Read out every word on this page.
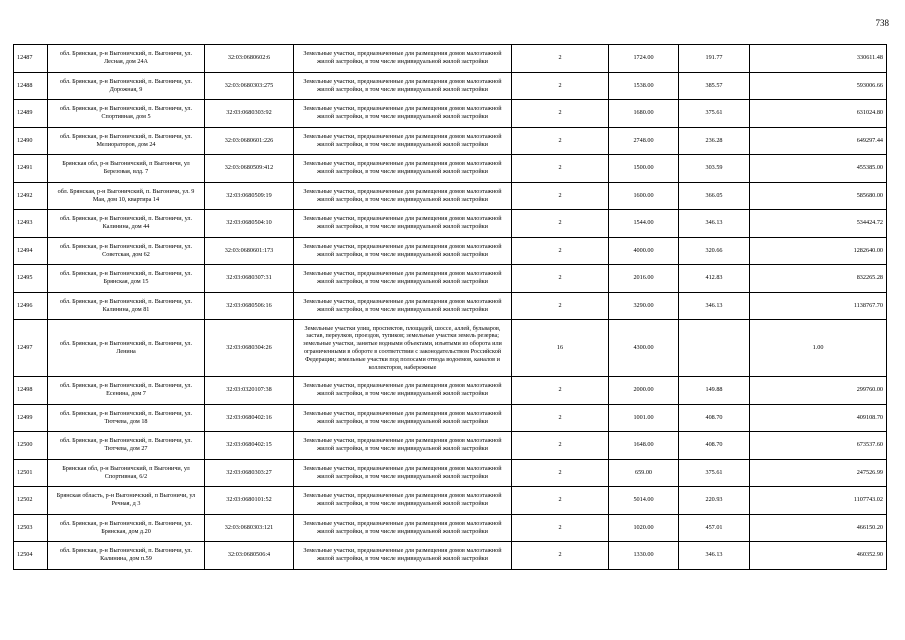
738
12487	обл. Брянская, р-н Выгоничский, п. Выгоничи, ул. Лесная, дом 24А	32:03:0680602:6	Земельные участки, предназначенные для размещения домов малоэтажной жилой застройки, в том числе индивидуальной жилой застройки	2	1724.00	191.77	330611.48
12488	обл. Брянская, р-н Выгоничский, п. Выгоничи, ул. Дорожная, 9	32:03:0680303:275	Земельные участки, предназначенные для размещения домов малоэтажной жилой застройки, в том числе индивидуальной жилой застройки	2	1538.00	385.57	593006.66
12489	обл. Брянская, р-н Выгоничский, п. Выгоничи, ул. Спортивная, дом 5	32:03:0680303:92	Земельные участки, предназначенные для размещения домов малоэтажной жилой застройки, в том числе индивидуальной жилой застройки	2	1680.00	375.61	631024.80
12490	обл. Брянская, р-н Выгоничский, п. Выгоничи, ул. Мелиораторов, дом 24	32:03:0680601:226	Земельные участки, предназначенные для размещения домов малоэтажной жилой застройки, в том числе индивидуальной жилой застройки	2	2748.00	236.28	649297.44
12491	Брянская обл, р-н Выгоничский, п Выгоничи, ул Березовая, влд. 7	32:03:0680509:412	Земельные участки, предназначенные для размещения домов малоэтажной жилой застройки, в том числе индивидуальной жилой застройки	2	1500.00	303.59	455385.00
12492	обл. Брянская, р-н Выгоничский, п. Выгоничи, ул. 9 Мая, дом 10, квартира 14	32:03:0680509:19	Земельные участки, предназначенные для размещения домов малоэтажной жилой застройки, в том числе индивидуальной жилой застройки	2	1600.00	366.05	585680.00
12493	обл. Брянская, р-н Выгоничский, п. Выгоничи, ул. Калинина, дом 44	32:03:0680504:10	Земельные участки, предназначенные для размещения домов малоэтажной жилой застройки, в том числе индивидуальной жилой застройки	2	1544.00	346.13	534424.72
12494	обл. Брянская, р-н Выгоничский, п. Выгоничи, ул. Советская, дом 62	32:03:0680601:173	Земельные участки, предназначенные для размещения домов малоэтажной жилой застройки, в том числе индивидуальной жилой застройки	2	4000.00	320.66	1282640.00
12495	обл. Брянская, р-н Выгоничский, п. Выгоничи, ул. Брянская, дом 15	32:03:0680307:31	Земельные участки, предназначенные для размещения домов малоэтажной жилой застройки, в том числе индивидуальной жилой застройки	2	2016.00	412.83	832265.28
12496	обл. Брянская, р-н Выгоничский, п. Выгоничи, ул. Калинина, дом 81	32:03:0680506:16	Земельные участки, предназначенные для размещения домов малоэтажной жилой застройки, в том числе индивидуальной жилой застройки	2	3290.00	346.13	1138767.70
12497	обл. Брянская, р-н Выгоничский, п. Выгоничи, ул. Ленина	32:03:0680304:26	Земельные участки улиц, проспектов, площадей, шоссе, аллей, бульваров, застав, переулков, проездов, тупиков; земельные участки земель резерва; земельные участки, занятые водными объектами, изъятыми из оборота или ограниченными в обороте в соответствии с законодательством Российской Федерации; земельные участки под полосами отвода водоемов, каналов и коллекторов, набережные	16	4300.00		1.00
12498	обл. Брянская, р-н Выгоничский, п. Выгоничи, ул. Есенина, дом 7	32:03:0320107:38	Земельные участки, предназначенные для размещения домов малоэтажной жилой застройки, в том числе индивидуальной жилой застройки	2	2000.00	149.88	299760.00
12499	обл. Брянская, р-н Выгоничский, п. Выгоничи, ул. Тютчева, дом 18	32:03:0680402:16	Земельные участки, предназначенные для размещения домов малоэтажной жилой застройки, в том числе индивидуальной жилой застройки	2	1001.00	408.70	409108.70
12500	обл. Брянская, р-н Выгоничский, п. Выгоничи, ул. Тютчева, дом 27	32:03:0680402:15	Земельные участки, предназначенные для размещения домов малоэтажной жилой застройки, в том числе индивидуальной жилой застройки	2	1648.00	408.70	673537.60
12501	Брянская обл, р-н Выгоничский, п Выгоничи, ул Спортивная, 6/2	32:03:0680303:27	Земельные участки, предназначенные для размещения домов малоэтажной жилой застройки, в том числе индивидуальной жилой застройки	2	659.00	375.61	247526.99
12502	Брянская область, р-н Выгоничский, п Выгоничи, ул Речная, д 3	32:03:0680101:52	Земельные участки, предназначенные для размещения домов малоэтажной жилой застройки, в том числе индивидуальной жилой застройки	2	5014.00	220.93	1107743.02
12503	обл. Брянская, р-н Выгоничский, п. Выгоничи, ул. Брянская, дом д.20	32:03:0680303:121	Земельные участки, предназначенные для размещения домов малоэтажной жилой застройки, в том числе индивидуальной жилой застройки	2	1020.00	457.01	466150.20
12504	обл. Брянская, р-н Выгоничский, п. Выгоничи, ул. Калинина, дом п.59	32:03:0680506:4	Земельные участки, предназначенные для размещения домов малоэтажной жилой застройки, в том числе индивидуальной жилой застройки	2	1330.00	346.13	460352.90
